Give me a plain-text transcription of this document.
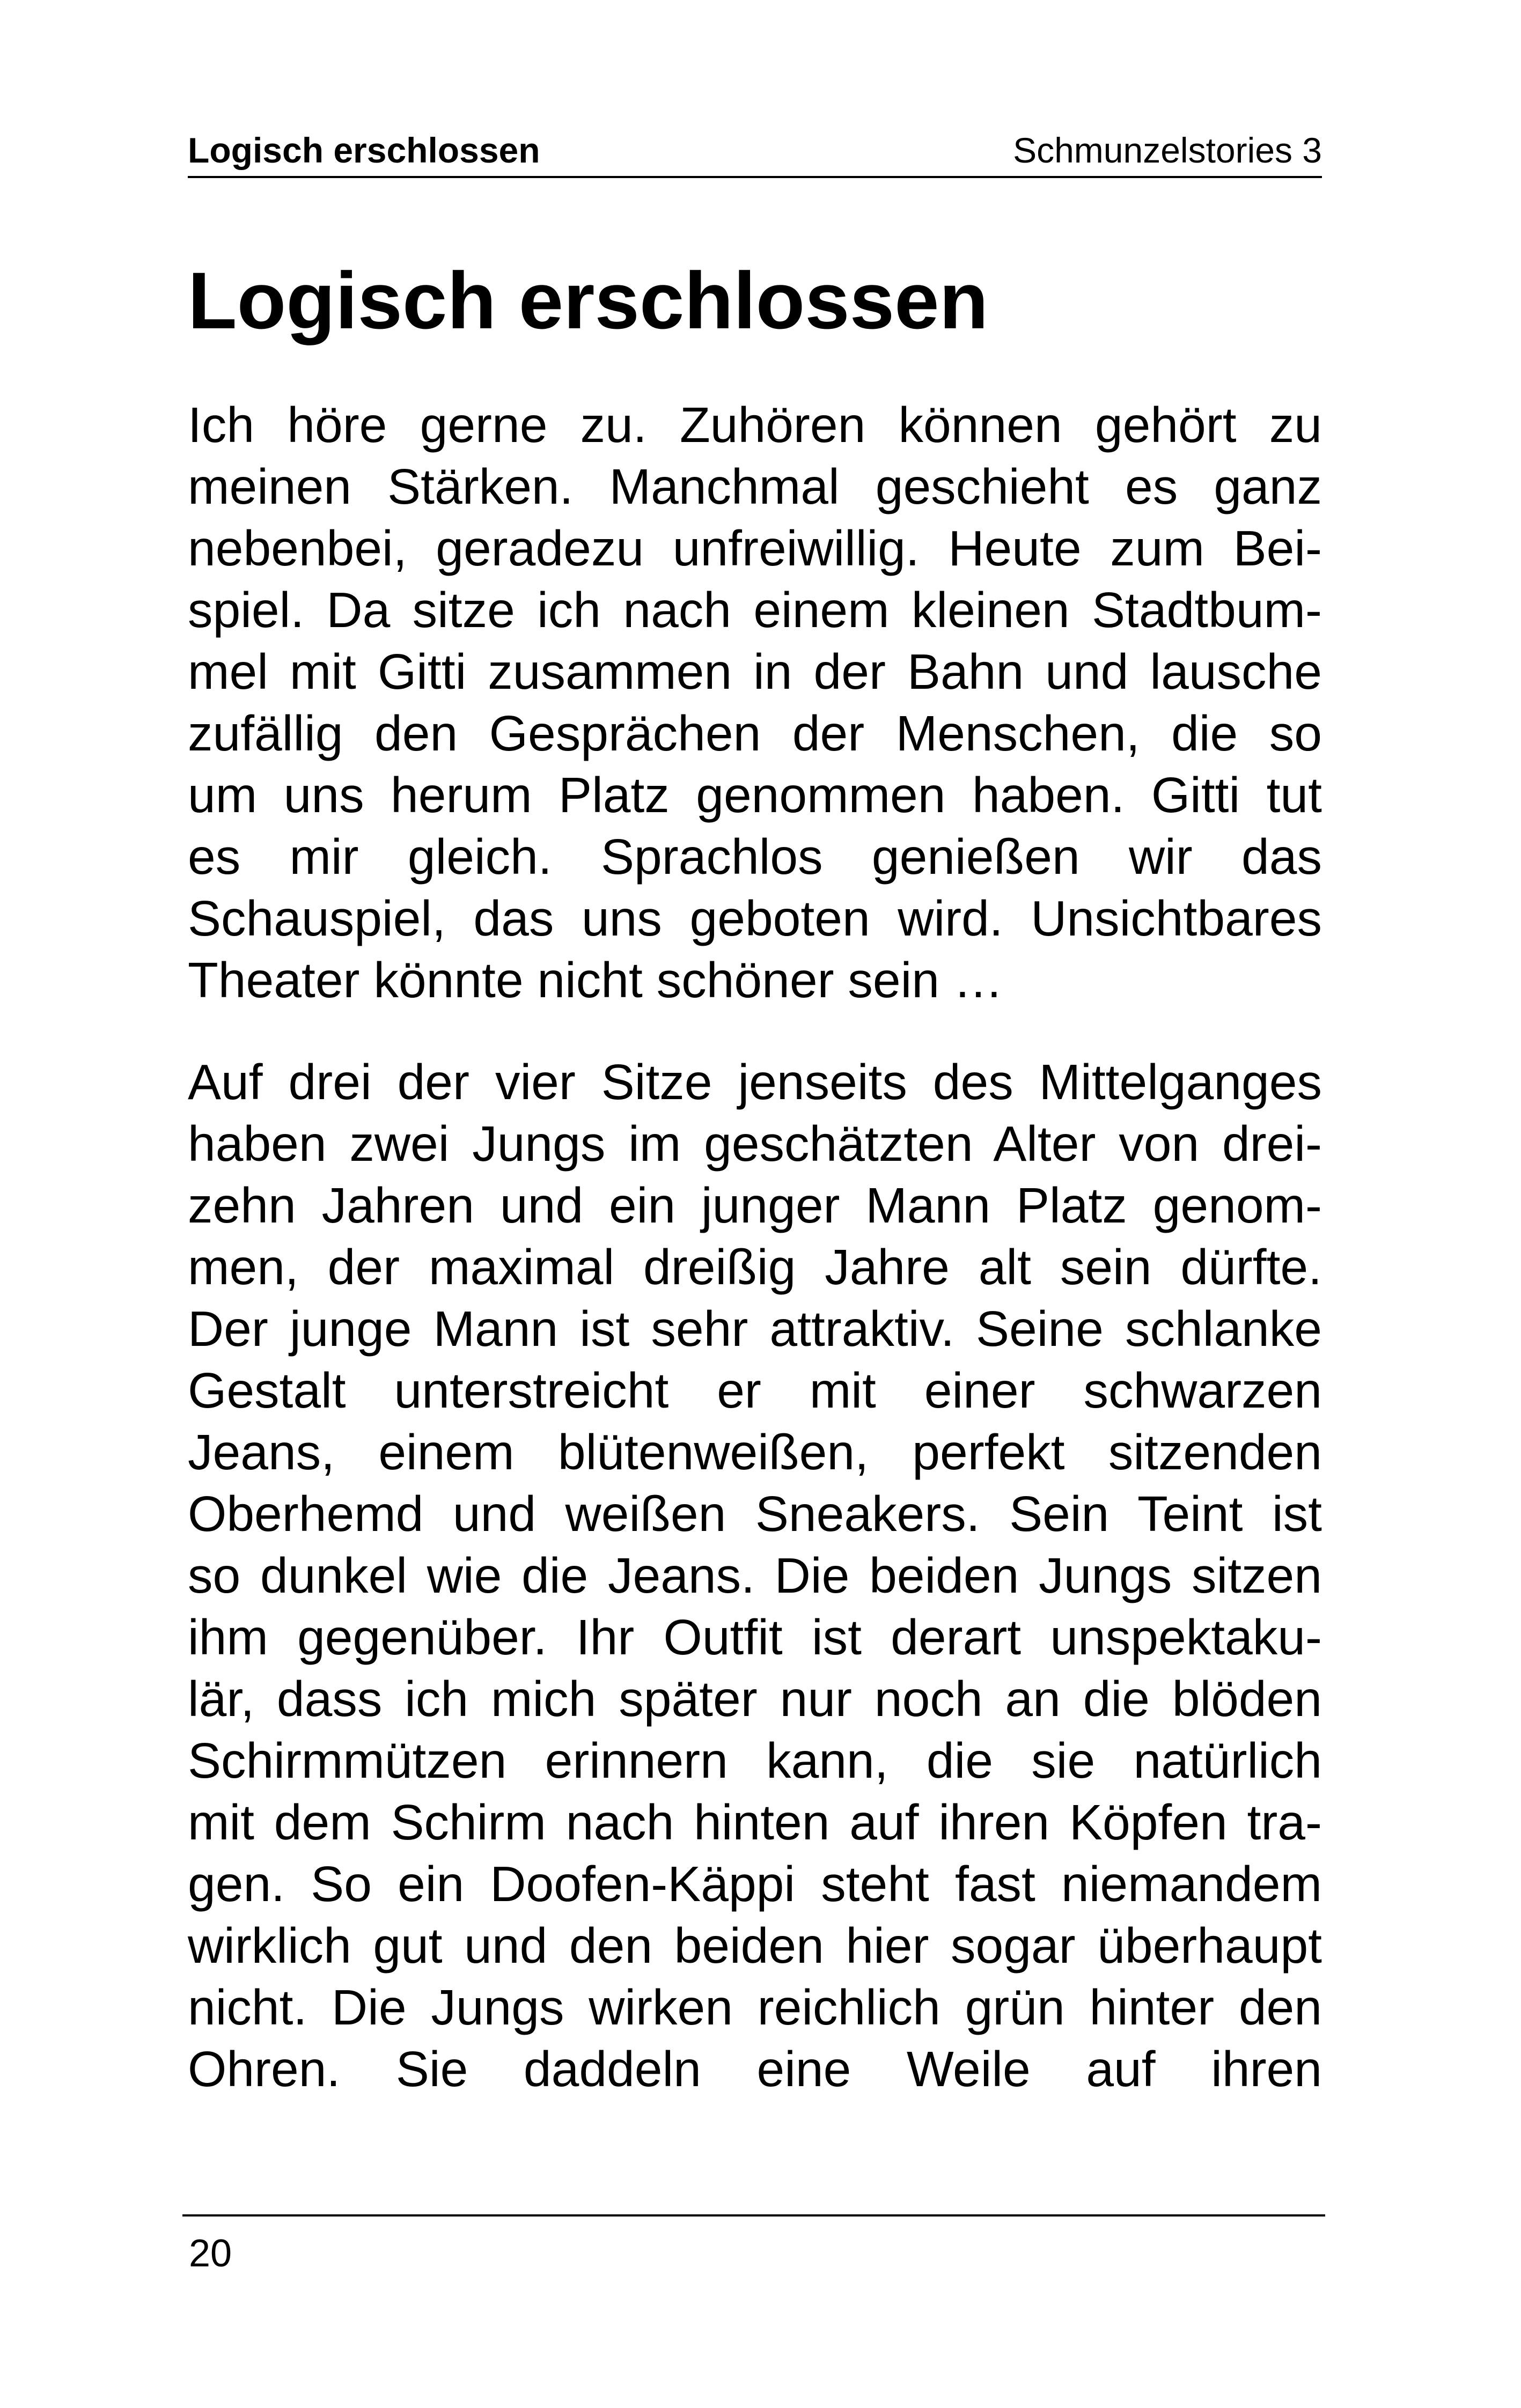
Logisch erschlossen	Schmunzelstories 3
Logisch erschlossen
Ich höre gerne zu. Zuhören können gehört zu
meinen Stärken. Manchmal geschieht es ganz
nebenbei, geradezu unfreiwillig. Heute zum Bei-
spiel. Da sitze ich nach einem kleinen Stadtbum-
mel mit Gitti zusammen in der Bahn und lausche
zufällig den Gesprächen der Menschen, die so
um uns herum Platz genommen haben. Gitti tut
es mir gleich. Sprachlos genießen wir das
Schauspiel, das uns geboten wird. Unsichtbares
Theater könnte nicht schöner sein …
Auf drei der vier Sitze jenseits des Mittelganges
haben zwei Jungs im geschätzten Alter von drei-
zehn Jahren und ein junger Mann Platz genom-
men, der maximal dreißig Jahre alt sein dürfte.
Der junge Mann ist sehr attraktiv. Seine schlanke
Gestalt unterstreicht er mit einer schwarzen
Jeans, einem blütenweißen, perfekt sitzenden
Oberhemd und weißen Sneakers. Sein Teint ist
so dunkel wie die Jeans. Die beiden Jungs sitzen
ihm gegenüber. Ihr Outfit ist derart unspektaku-
lär, dass ich mich später nur noch an die blöden
Schirmmützen erinnern kann, die sie natürlich
mit dem Schirm nach hinten auf ihren Köpfen tra-
gen. So ein Doofen-Käppi steht fast niemandem
wirklich gut und den beiden hier sogar überhaupt
nicht. Die Jungs wirken reichlich grün hinter den
Ohren. Sie daddeln eine Weile auf ihren
20
